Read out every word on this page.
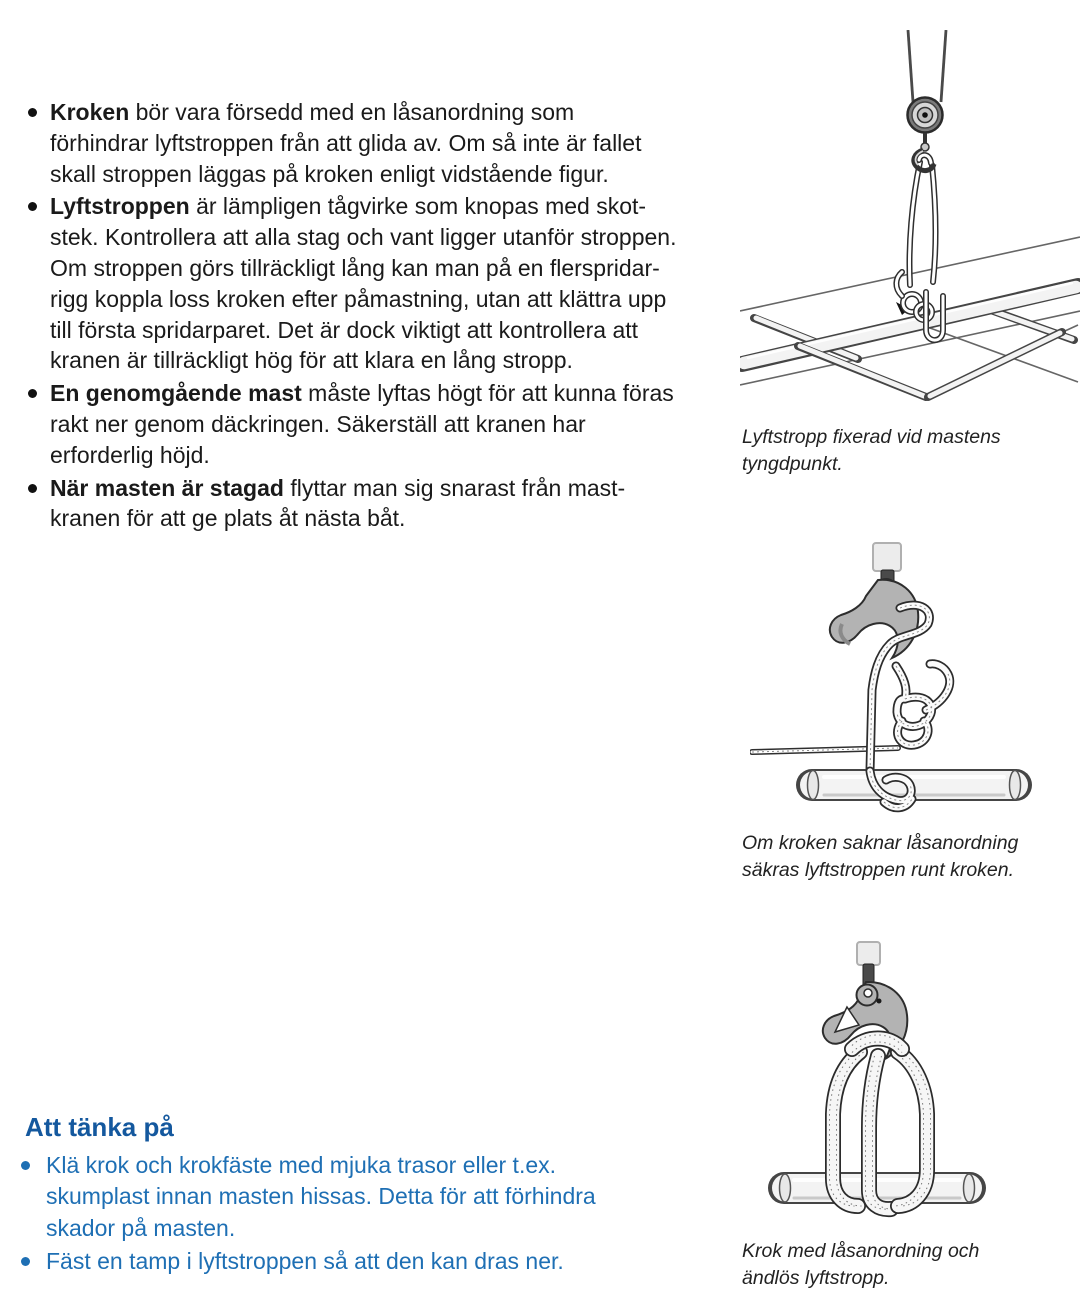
Kroken bör vara försedd med en låsanordning som
förhindrar lyftstroppen från att glida av. Om så inte är fallet
skall stroppen läggas på kroken enligt vidstående figur.
Lyftstroppen är lämpligen tågvirke som knopas med skot-
stek. Kontrollera att alla stag och vant ligger utanför stroppen.
Om stroppen görs tillräckligt lång kan man på en flerspridar-
rigg koppla loss kroken efter påmastning, utan att klättra upp
till första spridarparet. Det är dock viktigt att kontrollera att
kranen är tillräckligt hög för att klara en lång stropp.
En genomgående mast måste lyftas högt för att kunna föras
rakt ner genom däckringen. Säkerställ att kranen har
erforderlig höjd.
När masten är stagad flyttar man sig snarast från mast-
kranen för att ge plats åt nästa båt.
Lyftstropp fixerad vid mastens
tyngdpunkt.
Om kroken saknar låsanordning
säkras lyftstroppen runt kroken.
Krok med låsanordning och
ändlös lyftstropp.
Att tänka på
Klä krok och krokfäste med mjuka trasor eller t.ex.
skumplast innan masten hissas. Detta för att förhindra
skador på masten.
Fäst en tamp i lyftstroppen så att den kan dras ner.
